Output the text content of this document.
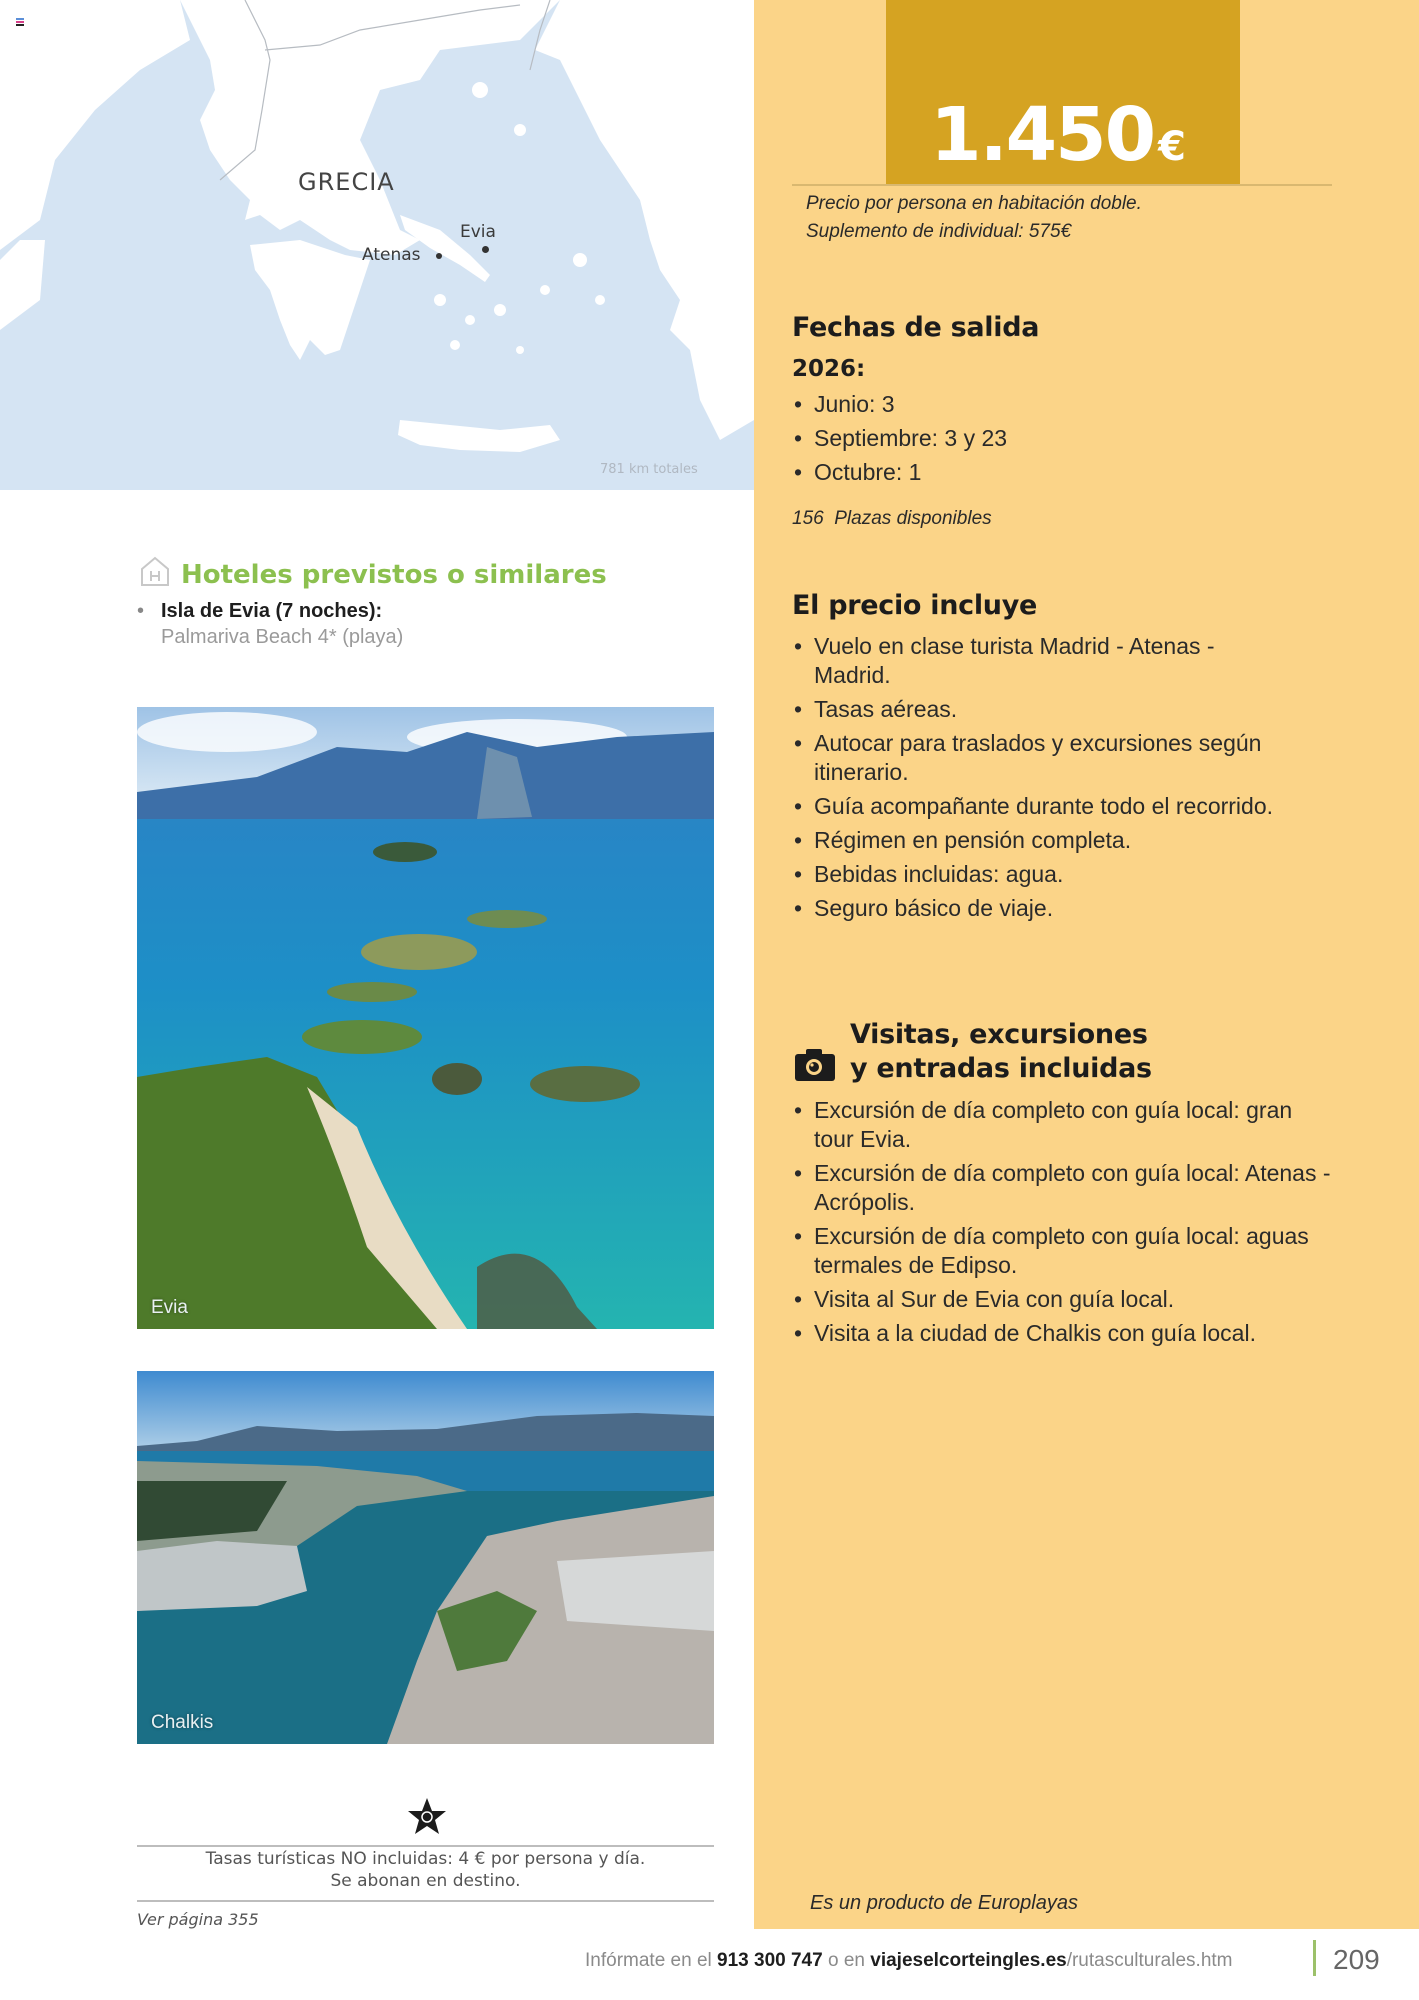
GRECIA
Evia
Atenas
781 km totales
1.450 €
Precio por persona en habitación doble.
Suplemento de individual: 575€
Fechas de salida
2026:
• Junio: 3
• Septiembre: 3 y 23
• Octubre: 1
156  Plazas disponibles
El precio incluye
• Vuelo en clase turista Madrid - Atenas - Madrid.
• Tasas aéreas.
• Autocar para traslados y excursiones según itinerario.
• Guía acompañante durante todo el recorrido.
• Régimen en pensión completa.
• Bebidas incluidas: agua.
• Seguro básico de viaje.
Visitas, excursiones
y entradas incluidas
• Excursión de día completo con guía local: gran tour Evia.
• Excursión de día completo con guía local: Atenas - Acrópolis.
• Excursión de día completo con guía local: aguas termales de Edipso.
• Visita al Sur de Evia con guía local.
• Visita a la ciudad de Chalkis con guía local.
Es un producto de Europlayas
Hoteles previstos o similares
• Isla de Evia (7 noches):
Palmariva Beach 4* (playa)
Evia
Chalkis
Tasas turísticas NO incluidas: 4 € por persona y día.
Se abonan en destino.
Ver página 355
Infórmate en el 913 300 747 o en viajeselcorteingles.es/rutasculturales.htm	209
